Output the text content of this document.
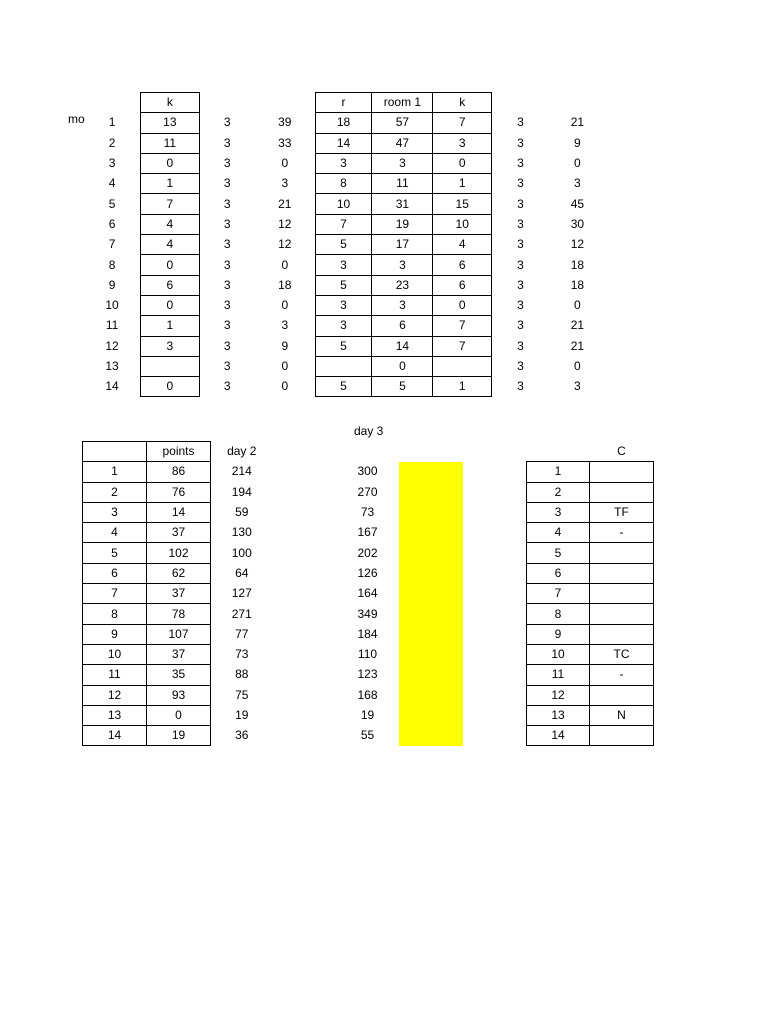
mo
	k			r	room 1	k			
1	13	3	39	18	57	7	3	21	
2	11	3	33	14	47	3	3	9	
3	0	3	0	3	3	0	3	0	
4	1	3	3	8	11	1	3	3	
5	7	3	21	10	31	15	3	45	
6	4	3	12	7	19	10	3	30	
7	4	3	12	5	17	4	3	12	
8	0	3	0	3	3	6	3	18	
9	6	3	18	5	23	6	3	18	
10	0	3	0	3	3	0	3	0	
11	1	3	3	3	6	7	3	21	
12	3	3	9	5	14	7	3	21	
13		3	0		0		3	0	
14	0	3	0	5	5	1	3	3	
day 3
	points	day 2						C
1	86	214		300			1	
2	76	194		270			2	
3	14	59		73			3	TF
4	37	130		167			4	-
5	102	100		202			5	
6	62	64		126			6	
7	37	127		164			7	
8	78	271		349			8	
9	107	77		184			9	
10	37	73		110			10	TC
11	35	88		123			11	-
12	93	75		168			12	
13	0	19		19			13	N
14	19	36		55			14	
